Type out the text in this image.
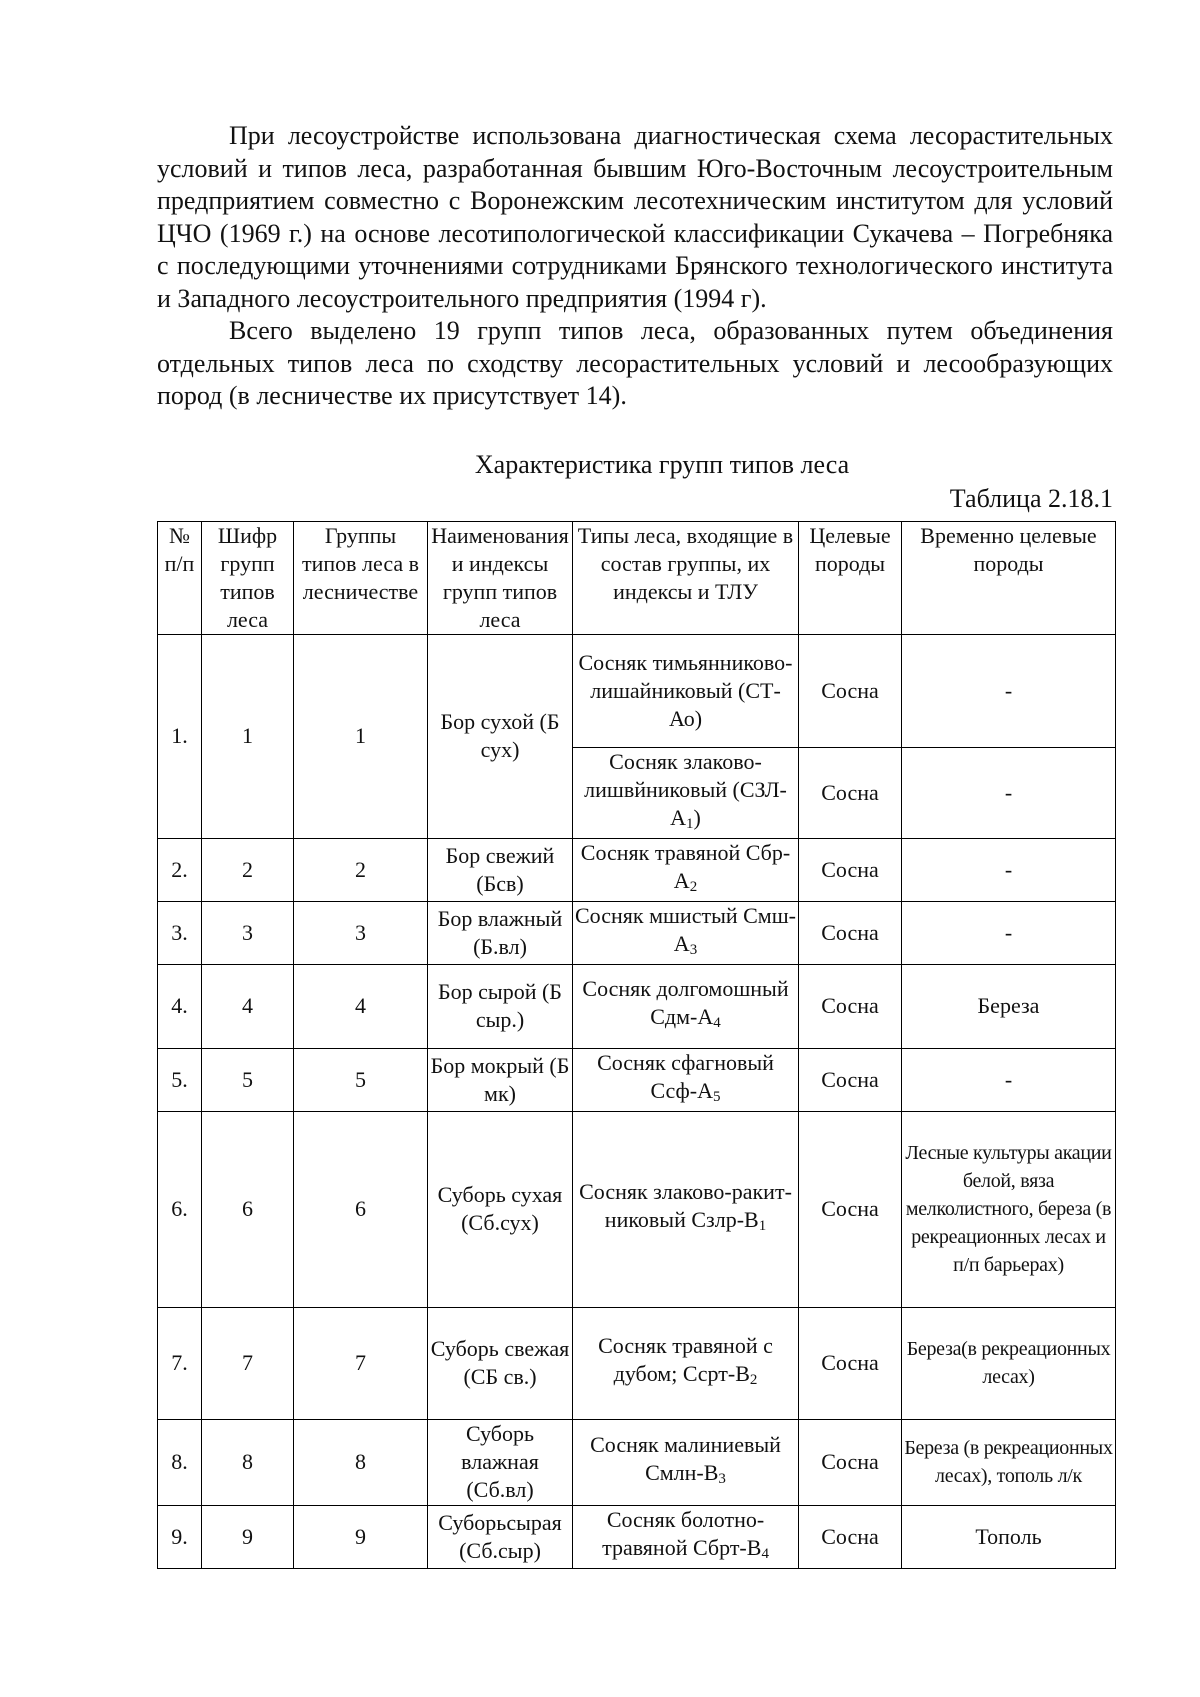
При лесоустройстве использована диагностическая схема лесорастительных условий и типов леса, разработанная бывшим Юго-Восточным лесоустроительным предприятием совместно с Воронежским лесотехническим институтом для условий ЦЧО (1969 г.) на основе лесотипологической классификации Сукачева – Погребняка с последующими уточнениями сотрудниками Брянского технологического института и Западного лесоустроительного предприятия (1994 г).

Всего выделено 19 групп типов леса, образованных путем объединения отдельных типов леса по сходству лесорастительных условий и лесообразующих пород (в лесничестве их присутствует 14).

Характеристика групп типов леса
Таблица 2.18.1
№ п/п	Шифр групп типов леса	Группы типов леса в лесничестве	Наименования и индексы групп типов леса	Типы леса, входящие в состав группы, их индексы и ТЛУ	Целевые породы	Временно целевые породы
1.	1	1	Бор сухой (Б сух)	Сосняк тимьянниково-лишайниковый (СТ-Ао)	Сосна	-
				Сосняк злаково-лишвйниковый $(СЗЛ-А_1)$	Сосна	-
2.	2	2	Бор свежий (Бсв)	Сосняк травяной Сбр-$А_2$	Сосна	-
3.	3	3	Бор влажный (Б.вл)	Сосняк мшистый Смш-$А_3$	Сосна	-
4.	4	4	Бор сырой (Б сыр.)	Сосняк долгомошный Сдм-$А_4$	Сосна	Береза
5.	5	5	Бор мокрый (Б мк)	Сосняк сфагновый Ссф-$А_5$	Сосна	-
6.	6	6	Суборь сухая (Сб.сух)	Сосняк злаково-ракит-никовый Сзлр-$В_1$	Сосна	Лесные культуры акации белой, вяза мелколистного, береза (в рекреационных лесах и п/п барьерах)
7.	7	7	Суборь свежая (СБ св.)	Сосняк травяной с дубом; Ссрт-$В_2$	Сосна	Береза(в рекреационных лесах)
8.	8	8	Суборь влажная (Сб.вл)	Сосняк малиниевый Смлн-$В_3$	Сосна	Береза (в рекреационных лесах), тополь л/к
9.	9	9	Суборьсырая (Сб.сыр)	Сосняк болотно-травяной Сбрт-$В_4$	Сосна	Тополь
